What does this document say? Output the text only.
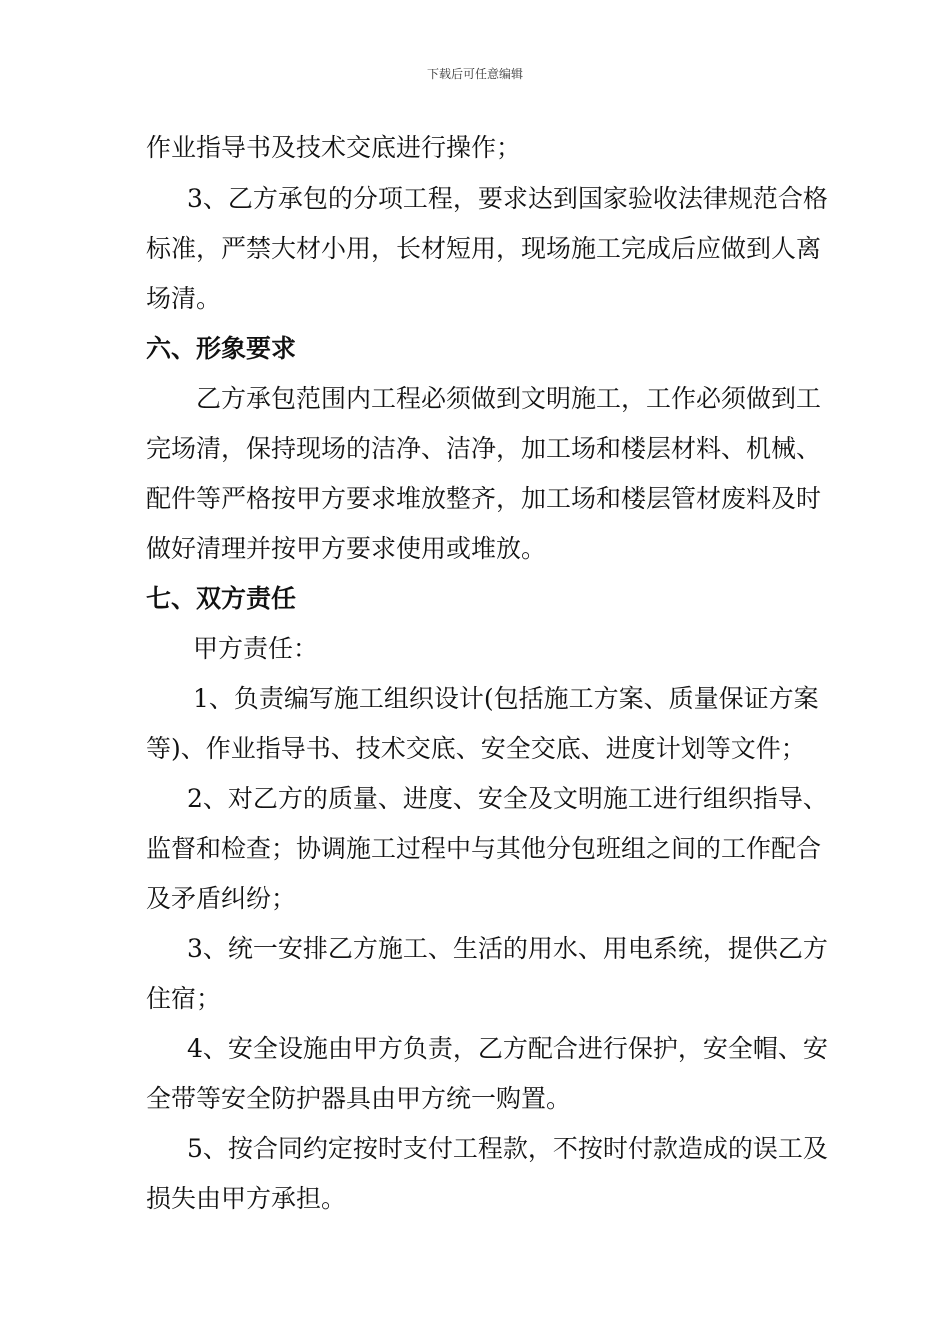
下载后可任意编辑
作业指导书及技术交底进行操作；
3、乙方承包的分项工程，要求达到国家验收法律规范合格
标准，严禁大材小用，长材短用，现场施工完成后应做到人离
场清。
六、形象要求
乙方承包范围内工程必须做到文明施工，工作必须做到工
完场清，保持现场的洁净、洁净，加工场和楼层材料、机械、
配件等严格按甲方要求堆放整齐，加工场和楼层管材废料及时
做好清理并按甲方要求使用或堆放。
七、双方责任
甲方责任：
1、负责编写施工组织设计(包括施工方案、质量保证方案
等)、作业指导书、技术交底、安全交底、进度计划等文件；
2、对乙方的质量、进度、安全及文明施工进行组织指导、
监督和检查；协调施工过程中与其他分包班组之间的工作配合
及矛盾纠纷；
3、统一安排乙方施工、生活的用水、用电系统，提供乙方
住宿；
4、安全设施由甲方负责，乙方配合进行保护，安全帽、安
全带等安全防护器具由甲方统一购置。
5、按合同约定按时支付工程款，不按时付款造成的误工及
损失由甲方承担。
